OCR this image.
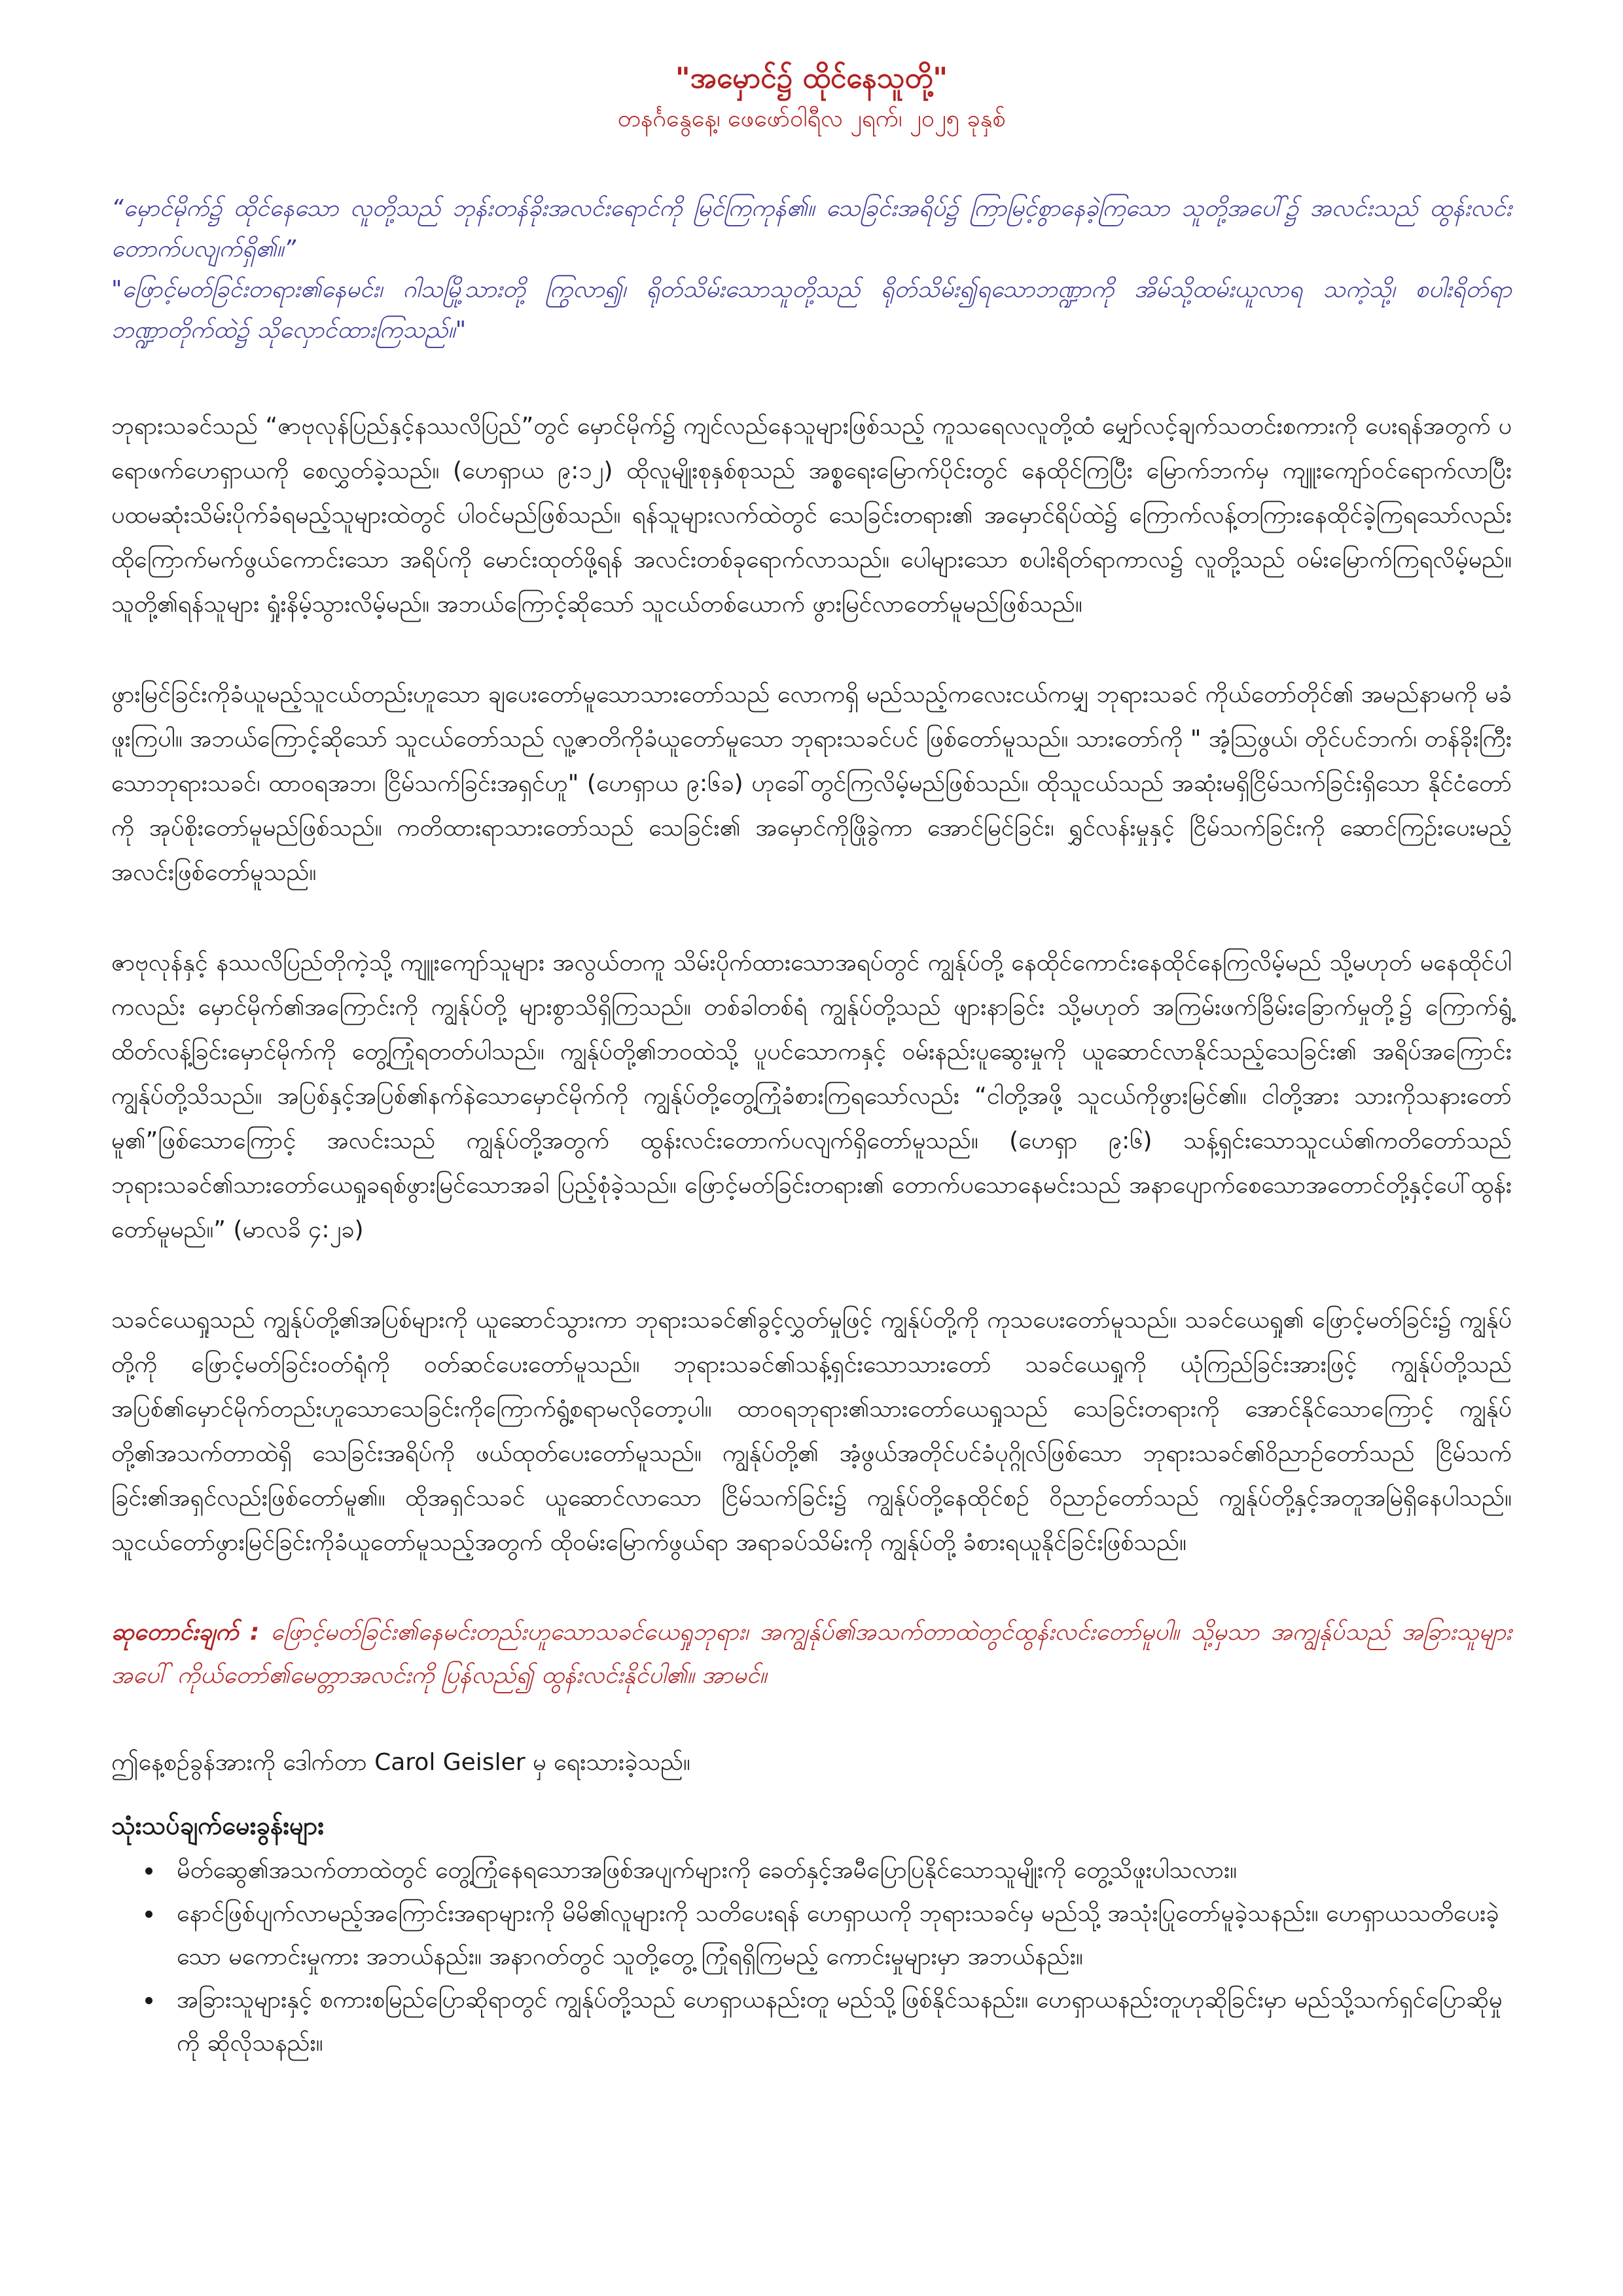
"အမှောင်၌ ထိုင်နေသူတို့"

တနင်္ဂနွေနေ့၊ ဖေဖော်ဝါရီလ ၂ရက်၊ ၂၀၂၅ ခုနှစ်

“မှောင်မိုက်၌ ထိုင်နေသော လူတို့သည် ဘုန်းတန်ခိုးအလင်းရောင်ကို မြင်ကြကုန်၏။ သေခြင်းအရိပ်၌ ကြာမြင့်စွာနေခဲ့ကြသော သူတို့အပေါ်၌ အလင်းသည် ထွန်းလင်းတောက်ပလျက်ရှိ၏။”

"ဖြောင့်မတ်ခြင်းတရား၏နေမင်း၊ ဂါသမြို့သားတို့ ကြွလာ၍၊ ရိုတ်သိမ်းသောသူတို့သည် ရိုတ်သိမ်း၍ရသောဘဏ္ဍာကို အိမ်သို့ထမ်းယူလာရ သကဲ့သို့၊ စပါးရိတ်ရာ ဘဏ္ဍာတိုက်ထဲ၌ သိုလှောင်ထားကြသည်။"

ဘုရားသခင်သည် “ဇာဗုလုန်ပြည်နှင့်နဿလိပြည်”တွင် မှောင်မိုက်၌ ကျင်လည်နေသူများဖြစ်သည့် ကူသရေလလူတို့ထံ မျှော်လင့်ချက်သတင်းစကားကို ပေးရန်အတွက် ပရောဖက်ဟေရှာယကို စေလွှတ်ခဲ့သည်။ (ဟေရှာယ ၉:၁၂) ထိုလူမျိုးစုနှစ်စုသည် အစ္စရေးမြောက်ပိုင်းတွင် နေထိုင်ကြပြီး မြောက်ဘက်မှ ကျူးကျော်ဝင်ရောက်လာပြီး ပထမဆုံးသိမ်းပိုက်ခံရမည့်သူများထဲတွင် ပါဝင်မည်ဖြစ်သည်။ ရန်သူများလက်ထဲတွင် သေခြင်းတရား၏ အမှောင်ရိပ်ထဲ၌ ကြောက်လန့်တကြားနေထိုင်ခဲ့ကြရသော်လည်း ထိုကြောက်မက်ဖွယ်ကောင်းသော အရိပ်ကို မောင်းထုတ်ဖို့ရန် အလင်းတစ်ခုရောက်လာသည်။ ပေါများသော စပါးရိတ်ရာကာလ၌ လူတို့သည် ဝမ်းမြောက်ကြရလိမ့်မည်။ သူတို့၏ရန်သူများ ရှုံးနိမ့်သွားလိမ့်မည်။ အဘယ်ကြောင့်ဆိုသော် သူငယ်တစ်ယောက် ဖွားမြင်လာတော်မူမည်ဖြစ်သည်။

ဖွားမြင်ခြင်းကိုခံယူမည့်သူငယ်တည်းဟူသော ချပေးတော်မူသောသားတော်သည် လောကရှိ မည်သည့်ကလေးငယ်ကမျှ ဘုရားသခင် ကိုယ်တော်တိုင်၏ အမည်နာမကို မခံဖူးကြပါ။ အဘယ်ကြောင့်ဆိုသော် သူငယ်တော်သည် လူ့ဇာတိကိုခံယူတော်မူသော ဘုရားသခင်ပင် ဖြစ်တော်မူသည်။ သားတော်ကို " အံ့ဩဖွယ်၊ တိုင်ပင်ဘက်၊ တန်ခိုးကြီးသောဘုရားသခင်၊ ထာဝရအဘ၊ ငြိမ်သက်ခြင်းအရှင်ဟူ" (ဟေရှာယ ၉:၆ခ) ဟုခေါ်တွင်ကြလိမ့်မည်ဖြစ်သည်။ ထိုသူငယ်သည် အဆုံးမရှိငြိမ်သက်ခြင်းရှိသော နိုင်ငံတော်ကို အုပ်စိုးတော်မူမည်ဖြစ်သည်။ ကတိထားရာသားတော်သည် သေခြင်း၏ အမှောင်ကိုဖြိုခွဲကာ အောင်မြင်ခြင်း၊ ရွှင်လန်းမှုနှင့် ငြိမ်သက်ခြင်းကို ဆောင်ကြဉ်းပေးမည့် အလင်းဖြစ်တော်မူသည်။

ဇာဗုလုန်နှင့် နဿလိပြည်တိုကဲ့သို့ ကျူးကျော်သူများ အလွယ်တကူ သိမ်းပိုက်ထားသောအရပ်တွင် ကျွန်ုပ်တို့ နေထိုင်ကောင်းနေထိုင်နေကြလိမ့်မည် သို့မဟုတ် မနေထိုင်ပါကလည်း မှောင်မိုက်၏အကြောင်းကို ကျွန်ုပ်တို့ များစွာသိရှိကြသည်။ တစ်ခါတစ်ရံ ကျွန်ုပ်တို့သည် ဖျားနာခြင်း သို့မဟုတ် အကြမ်းဖက်ခြိမ်းခြောက်မှုတို့၌ ကြောက်ရွံ့ထိတ်လန့်ခြင်းမှောင်မိုက်ကို တွေ့ကြုံရတတ်ပါသည်။ ကျွန်ုပ်တို့၏ဘဝထဲသို့ ပူပင်သောကနှင့် ဝမ်းနည်းပူဆွေးမှုကို ယူဆောင်လာနိုင်သည့်သေခြင်း၏ အရိပ်အကြောင်း ကျွန်ုပ်တို့သိသည်။ အပြစ်နှင့်အပြစ်၏နက်နဲသောမှောင်မိုက်ကို ကျွန်ုပ်တို့တွေ့ကြုံခံစားကြရသော်လည်း “ငါတို့အဖို့ သူငယ်ကိုဖွားမြင်၏။ ငါတို့အား သားကိုသနားတော်မူ၏”ဖြစ်သောကြောင့် အလင်းသည် ကျွန်ုပ်တို့အတွက် ထွန်းလင်းတောက်ပလျက်ရှိတော်မူသည်။ (ဟေရှာ ၉:၆) သန့်ရှင်းသောသူငယ်၏ကတိတော်သည် ဘုရားသခင်၏သားတော်ယေရှုခရစ်ဖွားမြင်သောအခါ ပြည့်စုံခဲ့သည်။ ဖြောင့်မတ်ခြင်းတရား၏ တောက်ပသောနေမင်းသည် အနာပျောက်စေသောအတောင်တို့နှင့်ပေါ်ထွန်းတော်မူမည်။” (မာလခိ ၄:၂ခ)

သခင်ယေရှုသည် ကျွန်ုပ်တို့၏အပြစ်များကို ယူဆောင်သွားကာ ဘုရားသခင်၏ခွင့်လွှတ်မှုဖြင့် ကျွန်ုပ်တို့ကို ကုသပေးတော်မူသည်။ သခင်ယေရှု၏ ဖြောင့်မတ်ခြင်း၌ ကျွန်ုပ်တို့ကို ဖြောင့်မတ်ခြင်းဝတ်ရုံကို ဝတ်ဆင်ပေးတော်မူသည်။ ဘုရားသခင်၏သန့်ရှင်းသောသားတော် သခင်ယေရှုကို ယုံကြည်ခြင်းအားဖြင့် ကျွန်ုပ်တို့သည် အပြစ်၏မှောင်မိုက်တည်းဟူသောသေခြင်းကိုကြောက်ရွံ့စရာမလိုတော့ပါ။ ထာဝရဘုရား၏သားတော်ယေရှုသည် သေခြင်းတရားကို အောင်နိုင်သောကြောင့် ကျွန်ုပ်တို့၏အသက်တာထဲရှိ သေခြင်းအရိပ်ကို ဖယ်ထုတ်ပေးတော်မူသည်။ ကျွန်ုပ်တို့၏ အံ့ဖွယ်အတိုင်ပင်ခံပုဂ္ဂိုလ်ဖြစ်သော ဘုရားသခင်၏ဝိညာဉ်တော်သည် ငြိမ်သက်ခြင်း၏အရှင်လည်းဖြစ်တော်မူ၏။ ထိုအရှင်သခင် ယူဆောင်လာသော ငြိမ်သက်ခြင်း၌ ကျွန်ုပ်တို့နေထိုင်စဉ် ဝိညာဉ်တော်သည် ကျွန်ုပ်တို့နှင့်အတူအမြဲရှိနေပါသည်။ သူငယ်တော်ဖွားမြင်ခြင်းကိုခံယူတော်မူသည့်အတွက် ထိုဝမ်းမြောက်ဖွယ်ရာ အရာခပ်သိမ်းကို ကျွန်ုပ်တို့ ခံစားရယူနိုင်ခြင်းဖြစ်သည်။

ဆုတောင်းချက် : ဖြောင့်မတ်ခြင်း၏နေမင်းတည်းဟူသောသခင်ယေရှုဘုရား၊ အကျွန်ုပ်၏အသက်တာထဲတွင်ထွန်းလင်းတော်မူပါ။ သို့မှသာ အကျွန်ုပ်သည် အခြားသူများအပေါ် ကိုယ်တော်၏မေတ္တာအလင်းကို ပြန်လည်၍ ထွန်းလင်းနိုင်ပါ၏။ အာမင်။

ဤနေ့စဉ်ခွန်အားကို ဒေါက်တာ Carol Geisler မှ ရေးသားခဲ့သည်။

သုံးသပ်ချက်မေးခွန်းများ

• မိတ်ဆွေ၏အသက်တာထဲတွင် တွေ့ကြုံနေရသောအဖြစ်အပျက်များကို ခေတ်နှင့်အမီပြောပြနိုင်သောသူမျိုးကို တွေ့သိဖူးပါသလား။
• နောင်ဖြစ်ပျက်လာမည့်အကြောင်းအရာများကို မိမိ၏လူများကို သတိပေးရန် ဟေရှာယကို ဘုရားသခင်မှ မည်သို့ အသုံးပြုတော်မူခဲ့သနည်း။ ဟေရှာယသတိပေးခဲ့သော မကောင်းမှုကား အဘယ်နည်း။ အနာဂတ်တွင် သူတို့တွေ့ ကြုံရရှိကြမည့် ကောင်းမှုများမှာ အဘယ်နည်း။
• အခြားသူများနှင့် စကားစမြည်ပြောဆိုရာတွင် ကျွန်ုပ်တို့သည် ဟေရှာယနည်းတူ မည်သို့ဖြစ်နိုင်သနည်း။ ဟေရှာယနည်းတူဟုဆိုခြင်းမှာ မည်သို့သက်ရှင်ပြောဆိုမှုကို ဆိုလိုသနည်း။
